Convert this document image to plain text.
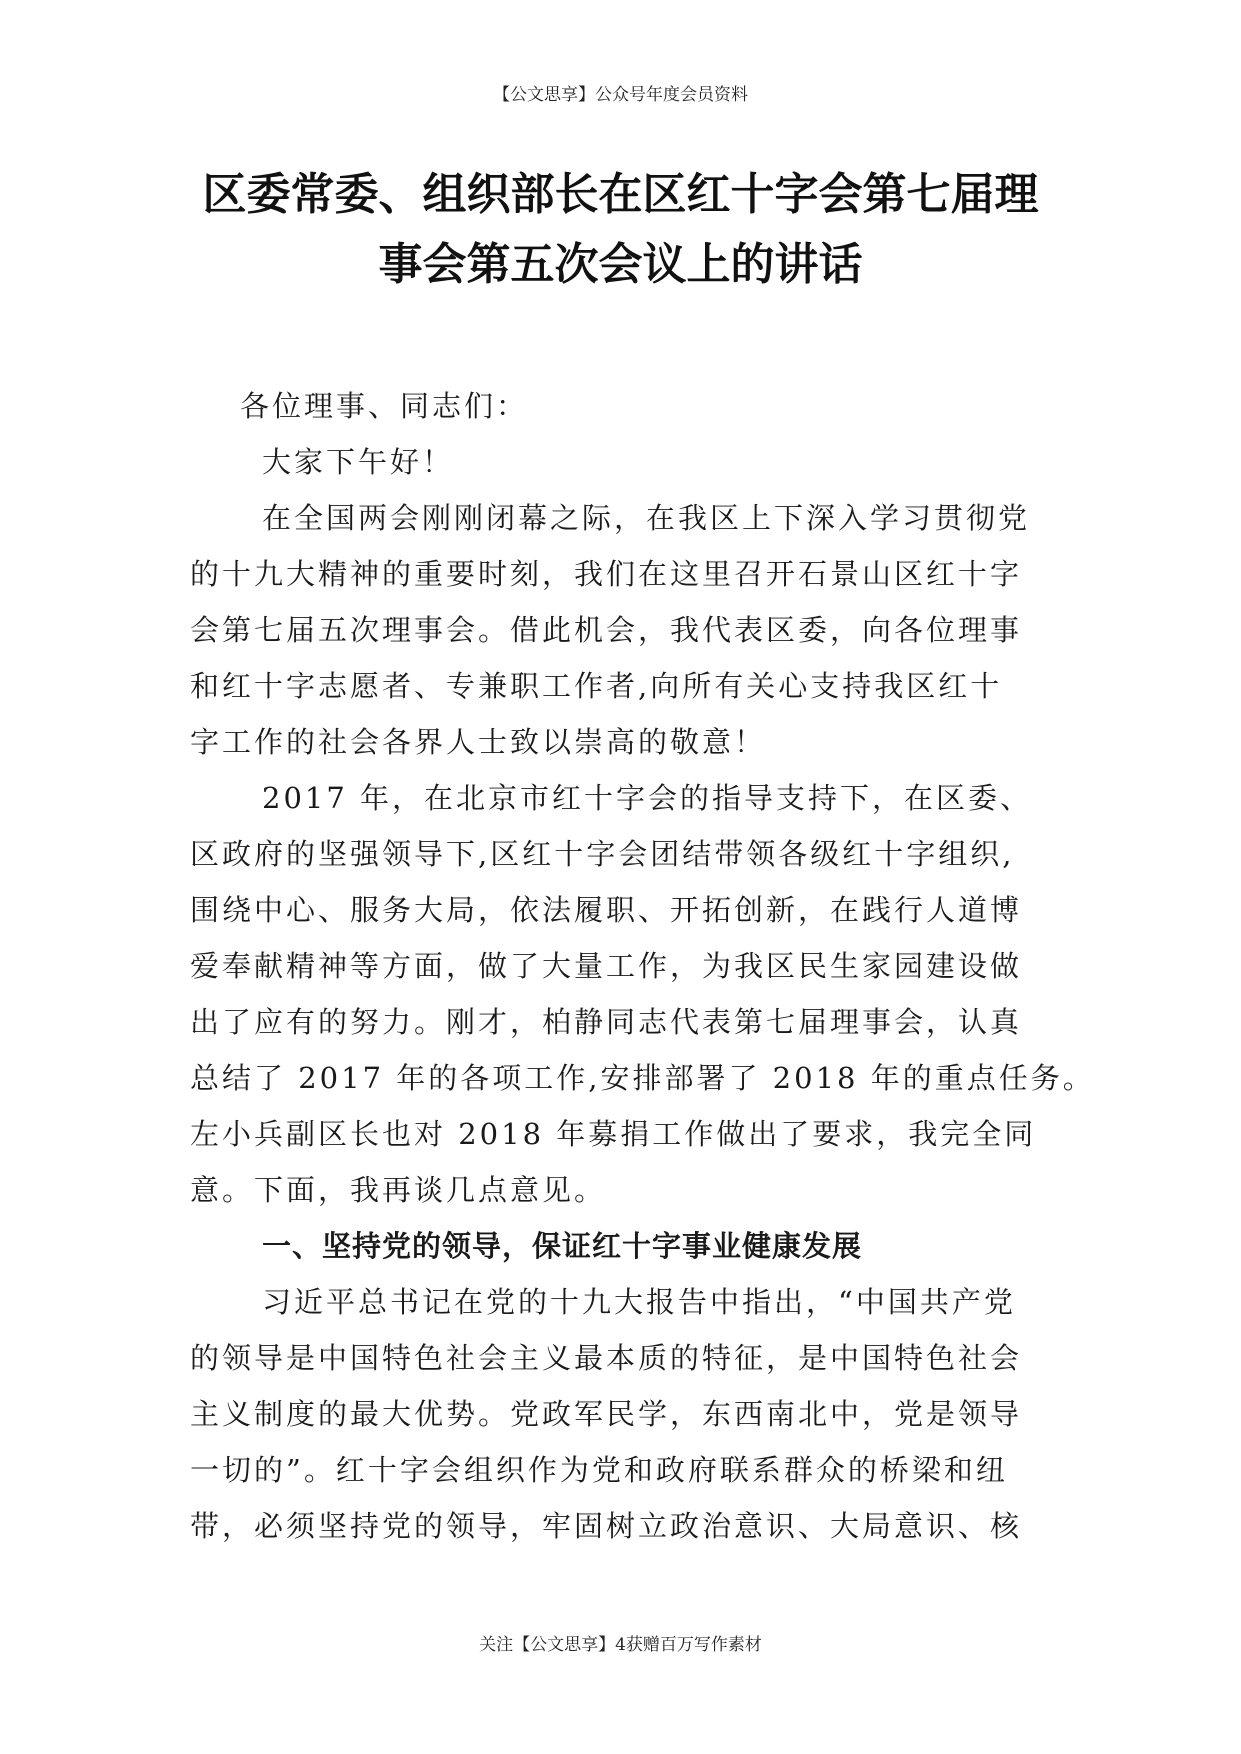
【公文思享】公众号年度会员资料
区委常委、组织部长在区红十字会第七届理
事会第五次会议上的讲话
各位理事、同志们：
大家下午好！
在全国两会刚刚闭幕之际，在我区上下深入学习贯彻党
的十九大精神的重要时刻，我们在这里召开石景山区红十字
会第七届五次理事会。借此机会，我代表区委，向各位理事
和红十字志愿者、专兼职工作者,向所有关心支持我区红十
字工作的社会各界人士致以崇高的敬意！
2017 年，在北京市红十字会的指导支持下，在区委、
区政府的坚强领导下,区红十字会团结带领各级红十字组织,
围绕中心、服务大局，依法履职、开拓创新，在践行人道博
爱奉献精神等方面，做了大量工作，为我区民生家园建设做
出了应有的努力。刚才，柏静同志代表第七届理事会，认真
总结了 2017 年的各项工作,安排部署了 2018 年的重点任务。
左小兵副区长也对 2018 年募捐工作做出了要求，我完全同
意。下面，我再谈几点意见。
一、坚持党的领导，保证红十字事业健康发展
习近平总书记在党的十九大报告中指出，“中国共产党
的领导是中国特色社会主义最本质的特征，是中国特色社会
主义制度的最大优势。党政军民学，东西南北中，党是领导
一切的”。红十字会组织作为党和政府联系群众的桥梁和纽
带，必须坚持党的领导，牢固树立政治意识、大局意识、核
关注【公文思享】4获赠百万写作素材
